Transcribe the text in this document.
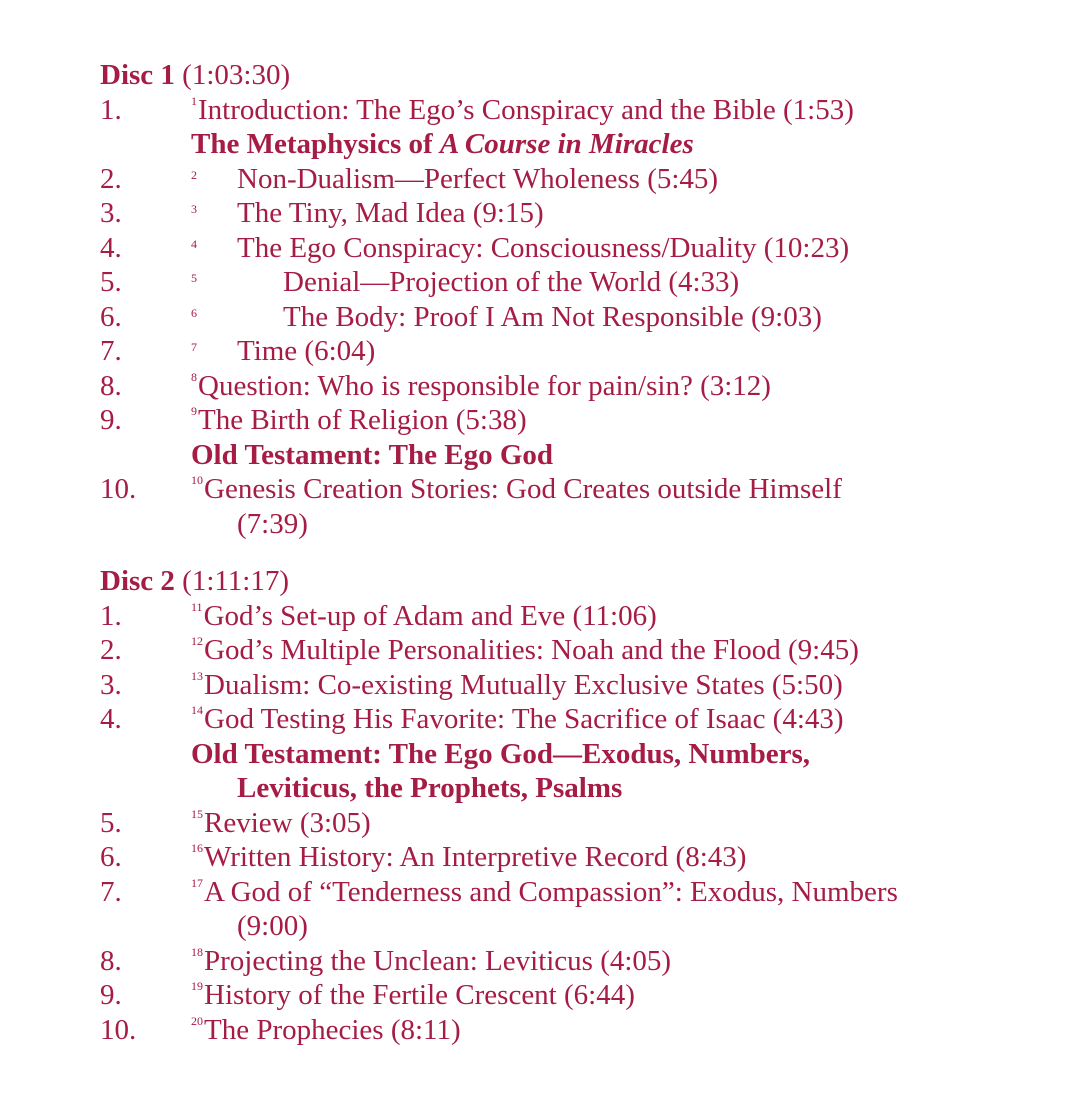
Disc 1 (1:03:30)
1.	$^1$Introduction: The Ego’s Conspiracy and the Bible (1:53)
The Metaphysics of A Course in Miracles
2.	2 Non-Dualism—Perfect Wholeness (5:45)
3.	3 The Tiny, Mad Idea (9:15)
4.	4 The Ego Conspiracy: Consciousness/Duality (10:23)
5.	5	Denial—Projection of the World (4:33)
6.	6	The Body: Proof I Am Not Responsible (9:03)
7.	7 Time (6:04)
8.	$^8$Question: Who is responsible for pain/sin? (3:12)
9.	$^9$The Birth of Religion (5:38)
Old Testament: The Ego God
10.	$^{10}$Genesis Creation Stories: God Creates outside Himself
(7:39)
Disc 2 (1:11:17)
1.	$^{11}$God’s Set-up of Adam and Eve (11:06)
2.	$^{12}$God’s Multiple Personalities: Noah and the Flood (9:45)
3.	$^{13}$Dualism: Co-existing Mutually Exclusive States (5:50)
4.	$^{14}$God Testing His Favorite: The Sacrifice of Isaac (4:43)
Old Testament: The Ego God—Exodus, Numbers,
Leviticus, the Prophets, Psalms
5.	$^{15}$Review (3:05)
6.	$^{16}$Written History: An Interpretive Record (8:43)
7.	$^{17}$A God of “Tenderness and Compassion”: Exodus, Numbers
(9:00)
8.	$^{18}$Projecting the Unclean: Leviticus (4:05)
9.	$^{19}$History of the Fertile Crescent (6:44)
10.	$^{20}$The Prophecies (8:11)
